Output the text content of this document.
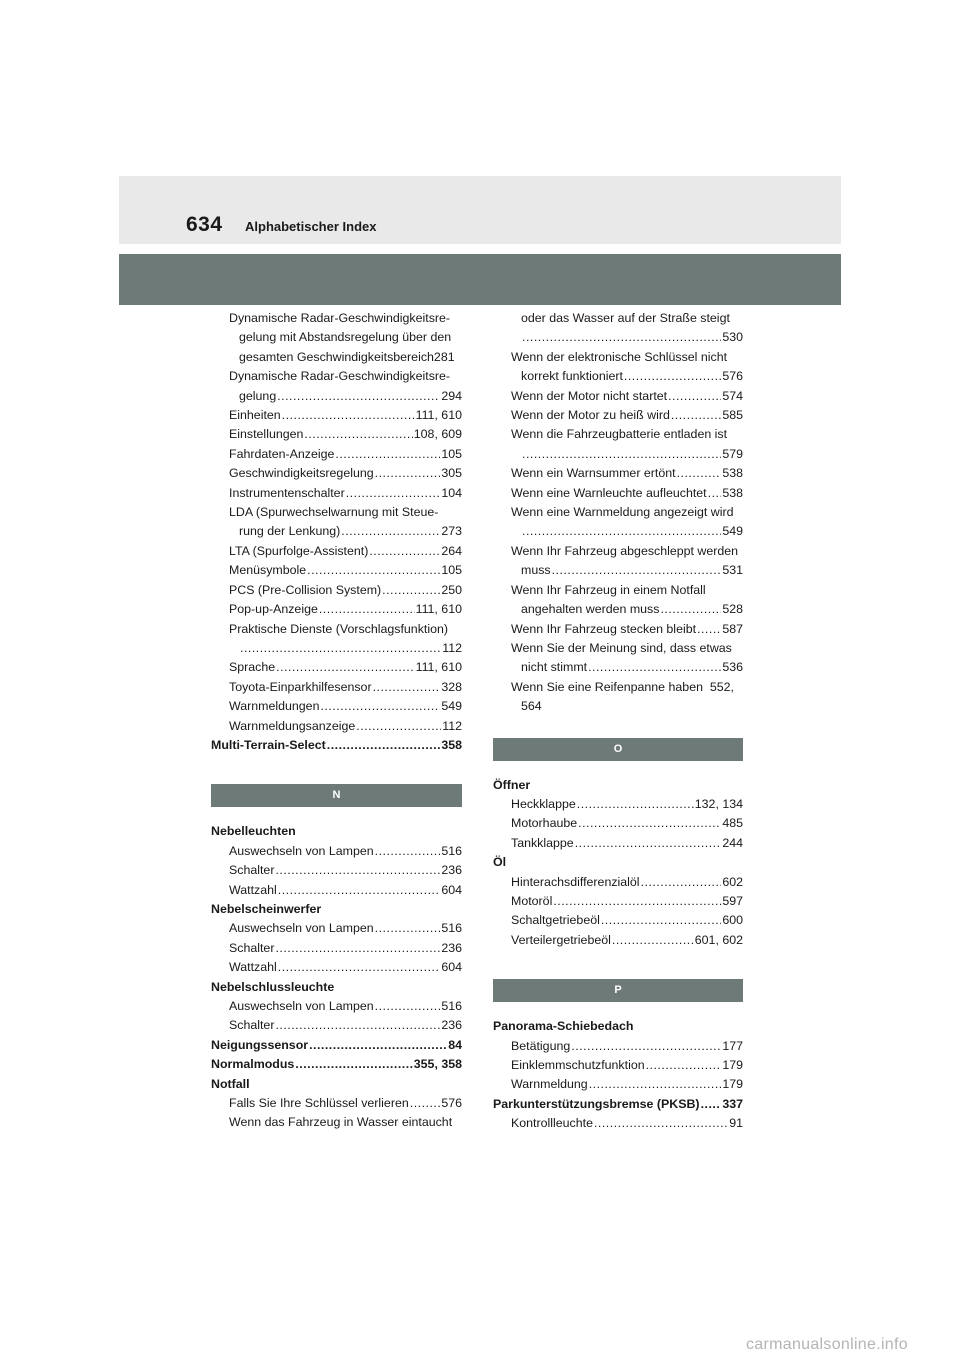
634 Alphabetischer Index
Dynamische Radar-Geschwindigkeitsre-
gelung mit Abstandsregelung über den
gesamten Geschwindigkeitsbereich 281
Dynamische Radar-Geschwindigkeitsre-
gelung .....	294
Einheiten .....	111, 610
Einstellungen .....	108, 609
Fahrdaten-Anzeige .....	105
Geschwindigkeitsregelung .....	305
Instrumentenschalter .....	104
LDA (Spurwechselwarnung mit Steue-
rung der Lenkung) .....	273
LTA (Spurfolge-Assistent) .....	264
Menüsymbole .....	105
PCS (Pre-Collision System) .....	250
Pop-up-Anzeige .....	111, 610
Praktische Dienste (Vorschlagsfunktion)
.....
112
Sprache .....	111, 610
Toyota-Einparkhilfesensor .....	328
Warnmeldungen .....	549
Warnmeldungsanzeige .....	112
Multi-Terrain-Select .....	358
N
Nebelleuchten
Auswechseln von Lampen .....	516
Schalter .....	236
Wattzahl .....	604
Nebelscheinwerfer
Auswechseln von Lampen .....	516
Schalter .....	236
Wattzahl .....	604
Nebelschlussleuchte
Auswechseln von Lampen .....	516
Schalter .....	236
Neigungssensor .....	84
Normalmodus .....	355, 358
Notfall
Falls Sie Ihre Schlüssel verlieren .....	576
Wenn das Fahrzeug in Wasser eintaucht
oder das Wasser auf der Straße steigt
.....
530
Wenn der elektronische Schlüssel nicht
korrekt funktioniert .....	576
Wenn der Motor nicht startet .....	574
Wenn der Motor zu heiß wird .....	585
Wenn die Fahrzeugbatterie entladen ist
.....
579
Wenn ein Warnsummer ertönt .....	538
Wenn eine Warnleuchte aufleuchtet ..... 538
Wenn eine Warnmeldung angezeigt wird
.....
549
Wenn Ihr Fahrzeug abgeschleppt werden
muss .....	531
Wenn Ihr Fahrzeug in einem Notfall
angehalten werden muss .....	528
Wenn Ihr Fahrzeug stecken bleibt ..... 587
Wenn Sie der Meinung sind, dass etwas
nicht stimmt .....	536
Wenn Sie eine Reifenpanne haben 552,
564
O
Öffner
Heckklappe .....	132, 134
Motorhaube .....	485
Tankklappe .....	244
Öl
Hinterachsdifferenzialöl .....	602
Motoröl .....	597
Schaltgetriebeöl .....	600
Verteilergetriebeöl .....	601, 602
P
Panorama-Schiebedach
Betätigung .....	177
Einklemmschutzfunktion .....	179
Warnmeldung .....	179
Parkunterstützungsbremse (PKSB) ..... 337
Kontrollleuchte .....	91
carmanualsonline.info
